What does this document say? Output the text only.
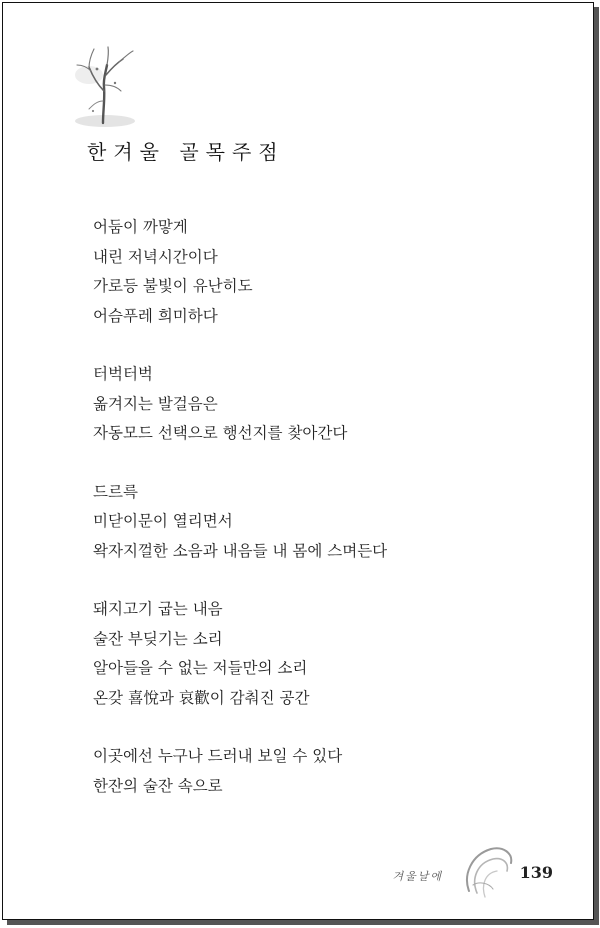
한겨울 골목주점
어둠이 까맣게
내린 저녁시간이다
가로등 불빛이 유난히도
어슴푸레 희미하다
터벅터벅
옮겨지는 발걸음은
자동모드 선택으로 행선지를 찾아간다
드르륵
미닫이문이 열리면서
왁자지껄한 소음과 내음들 내 몸에 스며든다
돼지고기 굽는 내음
술잔 부딪기는 소리
알아들을 수 없는 저들만의 소리
온갖 喜悅과 哀歡이 감춰진 공간
이곳에선 누구나 드러내 보일 수 있다
한잔의 술잔 속으로
겨울날에	139
